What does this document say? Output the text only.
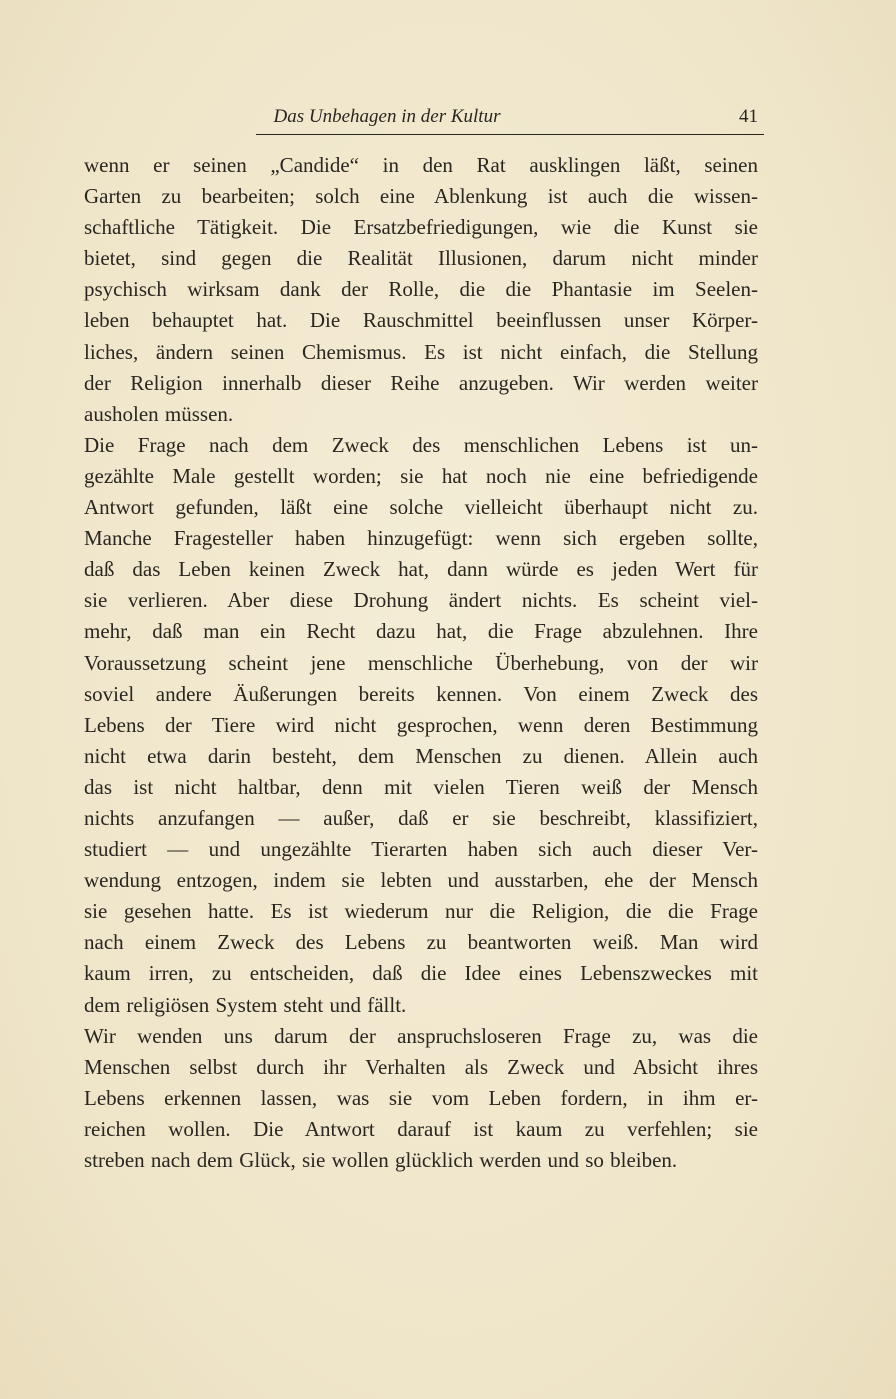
Das Unbehagen in der Kultur	41
wenn er seinen „Candide“ in den Rat ausklingen läßt, seinen
Garten zu bearbeiten; solch eine Ablenkung ist auch die wissen-
schaftliche Tätigkeit. Die Ersatzbefriedigungen, wie die Kunst sie
bietet, sind gegen die Realität Illusionen, darum nicht minder
psychisch wirksam dank der Rolle, die die Phantasie im Seelen-
leben behauptet hat. Die Rauschmittel beeinflussen unser Körper-
liches, ändern seinen Chemismus. Es ist nicht einfach, die Stellung
der Religion innerhalb dieser Reihe anzugeben. Wir werden weiter
ausholen müssen.
Die Frage nach dem Zweck des menschlichen Lebens ist un-
gezählte Male gestellt worden; sie hat noch nie eine befriedigende
Antwort gefunden, läßt eine solche vielleicht überhaupt nicht zu.
Manche Fragesteller haben hinzugefügt: wenn sich ergeben sollte,
daß das Leben keinen Zweck hat, dann würde es jeden Wert für
sie verlieren. Aber diese Drohung ändert nichts. Es scheint viel-
mehr, daß man ein Recht dazu hat, die Frage abzulehnen. Ihre
Voraussetzung scheint jene menschliche Überhebung, von der wir
soviel andere Äußerungen bereits kennen. Von einem Zweck des
Lebens der Tiere wird nicht gesprochen, wenn deren Bestimmung
nicht etwa darin besteht, dem Menschen zu dienen. Allein auch
das ist nicht haltbar, denn mit vielen Tieren weiß der Mensch
nichts anzufangen — außer, daß er sie beschreibt, klassifiziert,
studiert — und ungezählte Tierarten haben sich auch dieser Ver-
wendung entzogen, indem sie lebten und ausstarben, ehe der Mensch
sie gesehen hatte. Es ist wiederum nur die Religion, die die Frage
nach einem Zweck des Lebens zu beantworten weiß. Man wird
kaum irren, zu entscheiden, daß die Idee eines Lebenszweckes mit
dem religiösen System steht und fällt.
Wir wenden uns darum der anspruchsloseren Frage zu, was die
Menschen selbst durch ihr Verhalten als Zweck und Absicht ihres
Lebens erkennen lassen, was sie vom Leben fordern, in ihm er-
reichen wollen. Die Antwort darauf ist kaum zu verfehlen; sie
streben nach dem Glück, sie wollen glücklich werden und so bleiben.
